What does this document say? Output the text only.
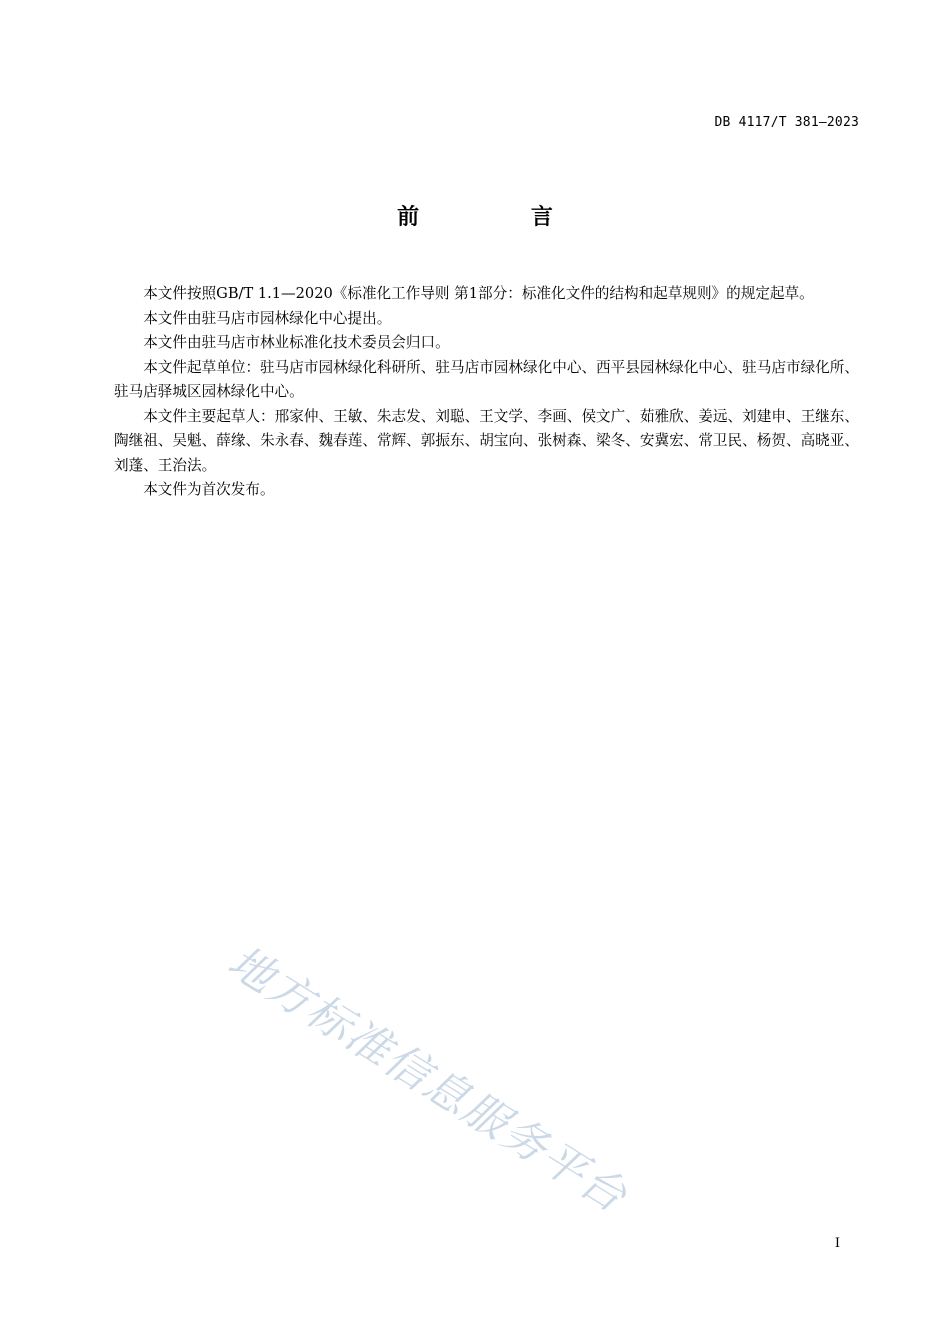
DB 4117/T 381—2023
前 言

本文件按照GB/T 1.1—2020《标准化工作导则 第1部分：标准化文件的结构和起草规则》的规定起草。

本文件由驻马店市园林绿化中心提出。

本文件由驻马店市林业标准化技术委员会归口。

本文件起草单位：驻马店市园林绿化科研所、驻马店市园林绿化中心、西平县园林绿化中心、驻马店市绿化所、驻马店驿城区园林绿化中心。

本文件主要起草人：邢家仲、王敏、朱志发、刘聪、王文学、李画、侯文广、茹雅欣、姜远、刘建申、王继东、陶继祖、吴魁、薛缘、朱永春、魏春莲、常辉、郭振东、胡宝向、张树森、梁冬、安冀宏、常卫民、杨贺、高晓亚、刘蓬、王治法。

本文件为首次发布。

地方标准信息服务平台
I
